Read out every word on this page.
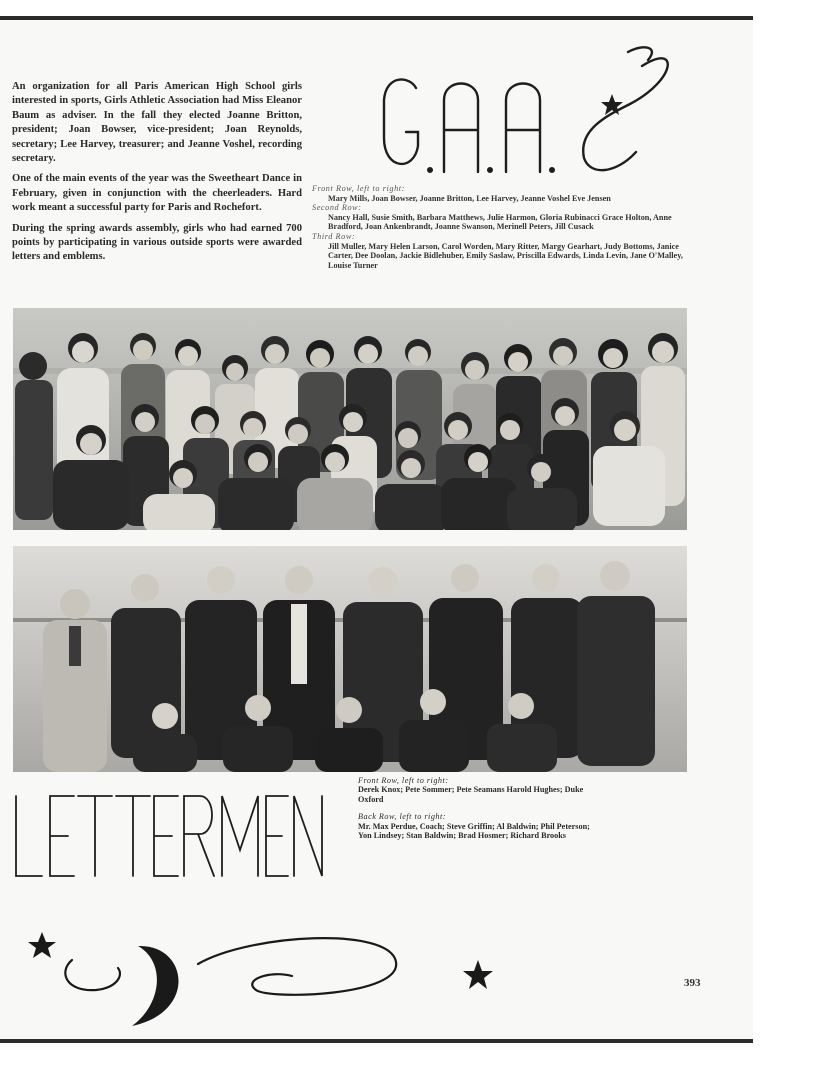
An organization for all Paris American High School girls interested in sports, Girls Athletic Association had Miss Eleanor Baum as adviser. In the fall they elected Joanne Britton, president; Joan Bowser, vice-president; Joan Reynolds, secretary; Lee Harvey, treasurer; and Jeanne Voshel, recording secretary.

One of the main events of the year was the Sweetheart Dance in February, given in conjunction with the cheerleaders. Hard work meant a successful party for Paris and Rochefort.

During the spring awards assembly, girls who had earned 700 points by participating in various outside sports were awarded letters and emblems.

Front Row, left to right:
Mary Mills, Joan Bowser, Joanne Britton, Lee Harvey, Jeanne Voshel Eve Jensen
Second Row:
Nancy Hall, Susie Smith, Barbara Matthews, Julie Harmon, Gloria Rubinacci Grace Holton, Anne Bradford, Joan Ankenbrandt, Joanne Swanson, Merinell Peters, Jill Cusack
Third Row:
Jill Muller, Mary Helen Larson, Carol Worden, Mary Ritter, Margy Gearhart, Judy Bottoms, Janice Carter, Dee Doolan, Jackie Bidlehuber, Emily Saslaw, Priscilla Edwards, Linda Levin, Jane O'Malley, Louise Turner
Front Row, left to right:
Derek Knox; Pete Sommer; Pete Seamans Harold Hughes; Duke Oxford
Back Row, left to right:
Mr. Max Perdue, Coach; Steve Griffin; Al Baldwin; Phil Peterson; Yon Lindsey; Stan Baldwin; Brad Hosmer; Richard Brooks
393
